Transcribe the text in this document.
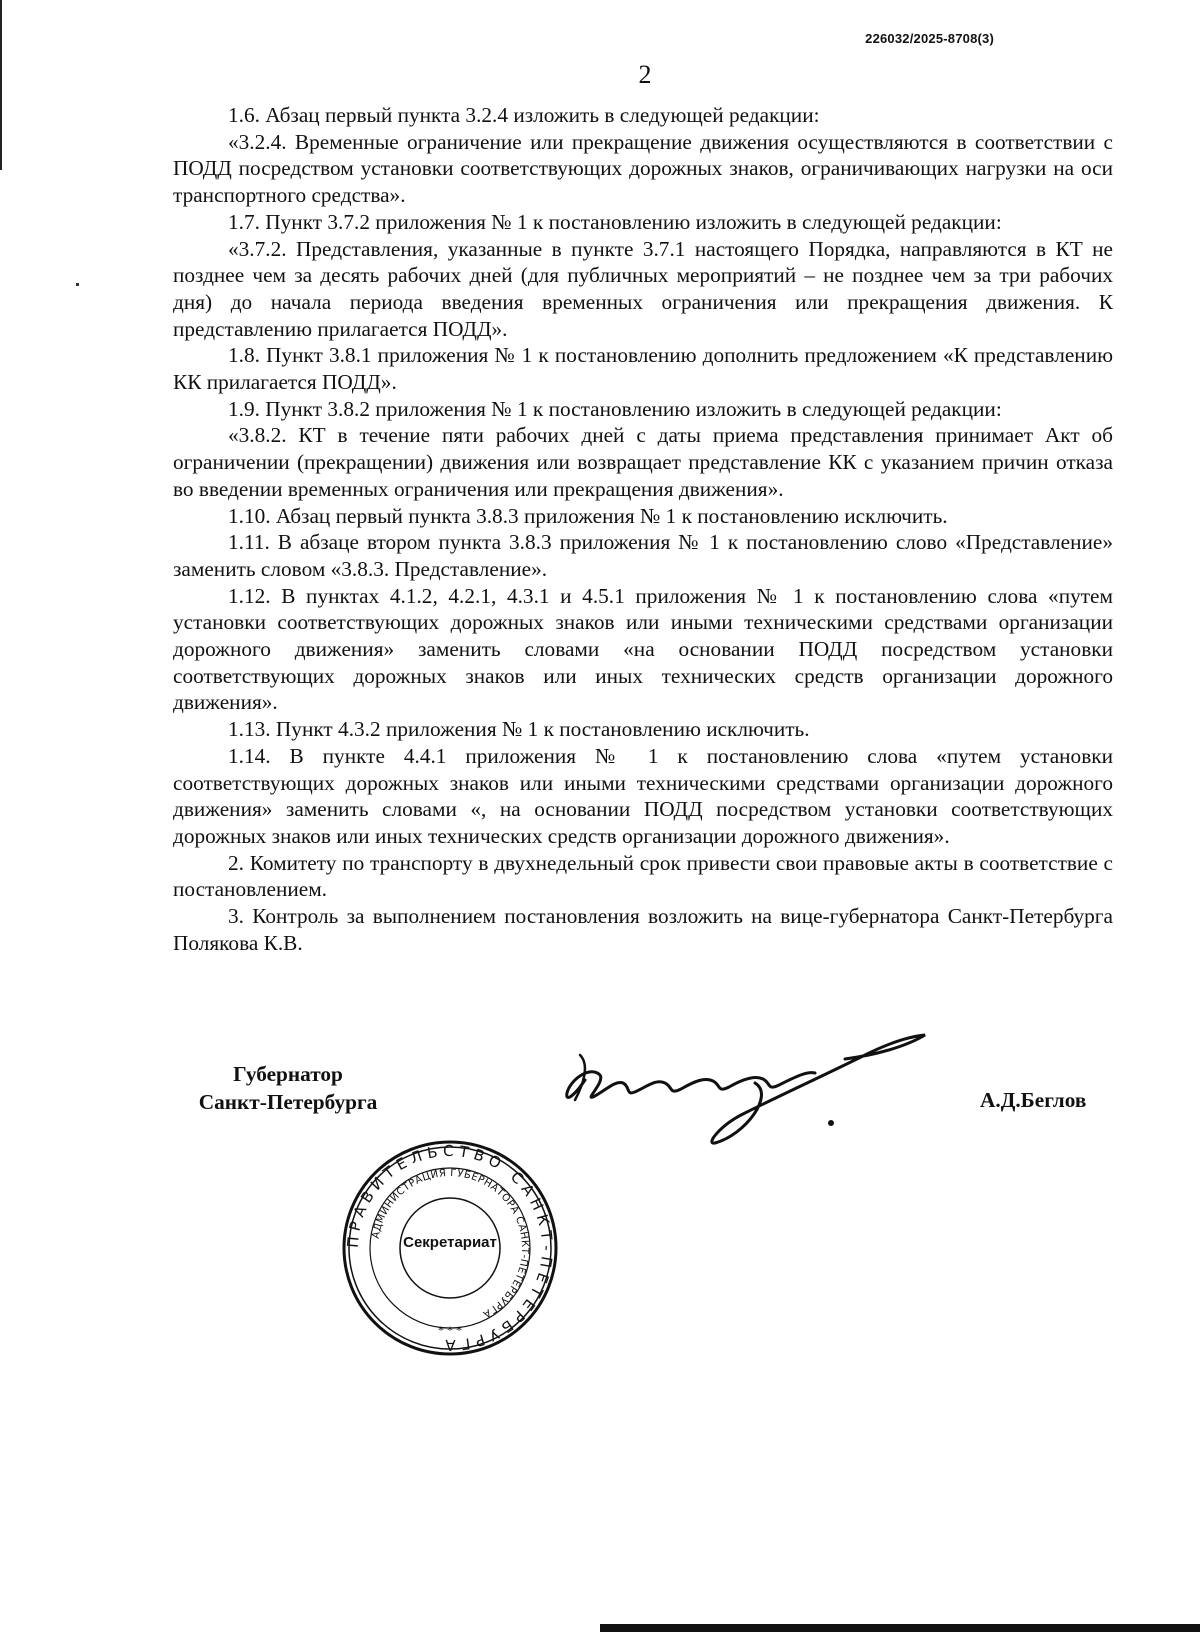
226032/2025-8708(3)
2

1.6. Абзац первый пункта 3.2.4 изложить в следующей редакции:

«3.2.4. Временные ограничение или прекращение движения осуществляются в соответствии с ПОДД посредством установки соответствующих дорожных знаков, ограничивающих нагрузки на оси транспортного средства».

1.7. Пункт 3.7.2 приложения № 1 к постановлению изложить в следующей редакции:

«3.7.2. Представления, указанные в пункте 3.7.1 настоящего Порядка, направляются в КТ не позднее чем за десять рабочих дней (для публичных мероприятий – не позднее чем за три рабочих дня) до начала периода введения временных ограничения или прекращения движения. К представлению прилагается ПОДД».

1.8. Пункт 3.8.1 приложения № 1 к постановлению дополнить предложением «К представлению КК прилагается ПОДД».

1.9. Пункт 3.8.2 приложения № 1 к постановлению изложить в следующей редакции:

«3.8.2. КТ в течение пяти рабочих дней с даты приема представления принимает Акт об ограничении (прекращении) движения или возвращает представление КК с указанием причин отказа во введении временных ограничения или прекращения движения».

1.10. Абзац первый пункта 3.8.3 приложения № 1 к постановлению исключить.

1.11. В абзаце втором пункта 3.8.3 приложения № 1 к постановлению слово «Представление» заменить словом «3.8.3. Представление».

1.12. В пунктах 4.1.2, 4.2.1, 4.3.1 и 4.5.1 приложения № 1 к постановлению слова «путем установки соответствующих дорожных знаков или иными техническими средствами организации дорожного движения» заменить словами «на основании ПОДД посредством установки соответствующих дорожных знаков или иных технических средств организации дорожного движения».

1.13. Пункт 4.3.2 приложения № 1 к постановлению исключить.

1.14. В пункте 4.4.1 приложения № 1 к постановлению слова «путем установки соответствующих дорожных знаков или иными техническими средствами организации дорожного движения» заменить словами «, на основании ПОДД посредством установки соответствующих дорожных знаков или иных технических средств организации дорожного движения».

2. Комитету по транспорту в двухнедельный срок привести свои правовые акты в соответствие с постановлением.

3. Контроль за выполнением постановления возложить на вице-губернатора Санкт-Петербурга Полякова К.В.

Губернатор
Санкт-Петербурга	А.Д.Беглов
ПРАВИТЕЛЬСТВО САНКТ-ПЕТЕРБУРГА
АДМИНИСТРАЦИЯ ГУБЕРНАТОРА САНКТ-ПЕТЕРБУРГА
* * *
Секретариат
